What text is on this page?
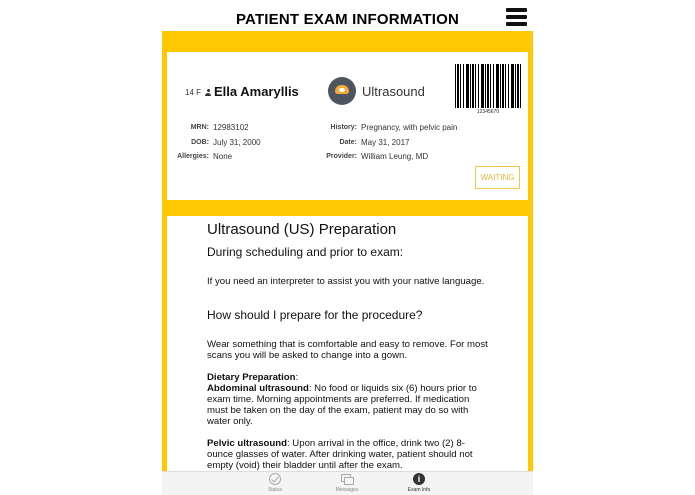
PATIENT EXAM INFORMATION
14 F Ella Amaryllis	Ultrasound
12345670
MRN: 12983102
DOB: July 31, 2000
Allergies: None
History: Pregnancy, with pelvic pain
Date: May 31, 2017
Provider: William Leung, MD
WAITING
Ultrasound (US) Preparation
During scheduling and prior to exam:

If you need an interpreter to assist you with your native language.

How should I prepare for the procedure?

Wear something that is comfortable and easy to remove. For most scans you will be asked to change into a gown.

Dietary Preparation:

Abdominal ultrasound: No food or liquids six (6) hours prior to exam time. Morning appointments are preferred. If medication must be taken on the day of the exam, patient may do so with water only.

Pelvic ultrasound: Upon arrival in the office, drink two (2) 8-ounce glasses of water. After drinking water, patient should not empty (void) their bladder until after the exam.

Status	Messages
i
Exam Info
